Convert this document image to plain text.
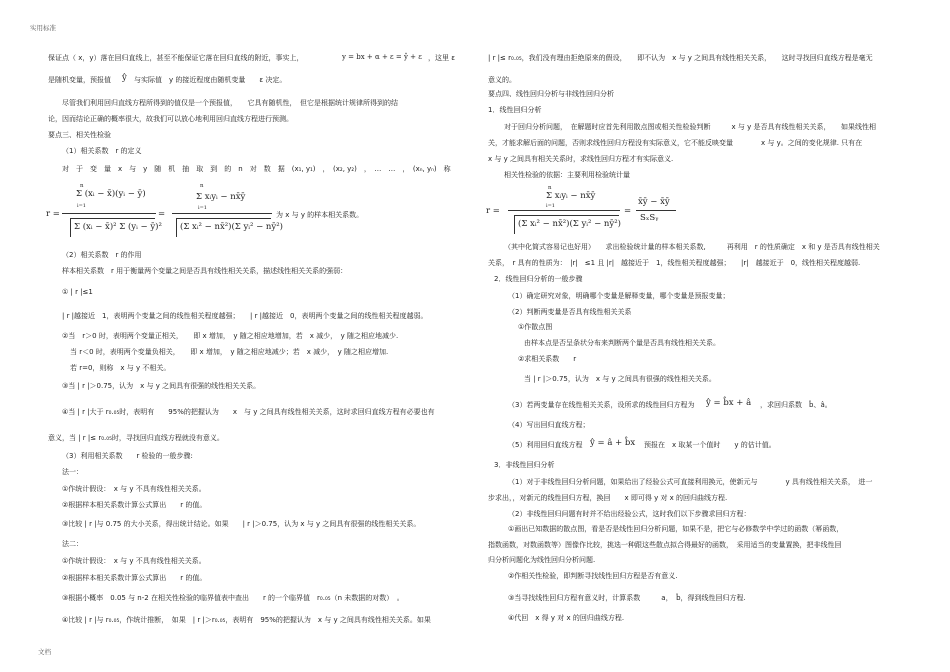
实用标准
文档
保证点（ x，y）落在回归直线上，甚至不能保证它落在回归直线的附近，事实上，	y = bx + α + ε = ŷ + ε ，这里 ε
是随机变量，预报值 ŷ 与实际值　y 的接近程度由随机变量　　ε 决定。
尽管我们利用回归直线方程所得到的值仅是一个预报值，　　它具有随机性，　但它是根据统计规律所得到的结
论，因而结论正确的概率很大，故我们可以放心地利用回归直线方程进行预测。
要点三、相关性检验
（1）相关系数　r 的定义
对　于　变　量　x　与　y　随　机　抽　取　到　的　n　对　数　据　(x₁, y₁)　，　(x₂, y₂)　，　…　…　，　(xₙ, yₙ)　称
r =
n
Σ (xᵢ − x̄)(yᵢ − ȳ)
i=1
Σ (xᵢ − x̄)² Σ (yᵢ − ȳ)²
=
n
Σ xᵢyᵢ − nx̄ȳ
i=1
(Σ xᵢ² − nx̄²)(Σ yᵢ² − nȳ²)
为 x 与 y 的样本相关系数。
（2）相关系数　r 的作用
样本相关系数　r 用于衡量两个变量之间是否具有线性相关关系，描述线性相关关系的强弱：
① | r |≤1
| r |越接近　1，表明两个变量之间的线性相关程度越强；　　| r |越接近　0，表明两个变量之间的线性相关程度越弱。
②当　r＞0 时，表明两个变量正相关，　　即 x 增加，　y 随之相应地增加，若　x 减少，　y 随之相应地减少.
当 r＜0 时，表明两个变量负相关，　　即 x 增加，　y 随之相应地减少；若　x 减少，　y 随之相应增加.
若 r=0，则称　x 与 y 不相关。
③当 | r |＞0.75，认为　x 与 y 之间具有很强的线性相关关系。
④当 | r |大于 r₀.₀₅时，表明有　　95%的把握认为　　x　与 y 之间具有线性相关关系，这时求回归直线方程有必要也有
意义，当 | r |≤ r₀.₀₅时，寻找回归直线方程就没有意义。
（3）利用相关系数　　r 检验的一般步骤:
法一：
①作统计假设：　x 与 y 不具有线性相关关系。
②根据样本相关系数计算公式算出　　r 的值。
③比较 | r |与 0.75 的大小关系，得出统计结论。如果　　| r |＞0.75，认为 x 与 y 之间具有很强的线性相关关系。
法二：
①作统计假设：　x 与 y 不具有线性相关关系。
②根据样本相关系数计算公式算出　　r 的值。
③根据小概率　0.05 与 n-2 在相关性检验的临界值表中查出　　r 的一个临界值　r₀.₀₅（n 未数据的对数）　。
④比较 | r |与 r₀.₀₅，作统计推断，　如果　| r |＞r₀.₀₅，表明有　95%的把握认为　x 与 y 之间具有线性相关关系。如果
| r |≤ r₀.₀₅，我们没有理由拒绝原来的假设，　　即不认为　x 与 y 之间具有线性相关关系，　　这时寻找回归直线方程是毫无
意义的。
要点四、线性回归分析与非线性回归分析
1．线性回归分析
对于回归分析问题，　在解题时应首先利用散点图或相关性检验判断　　　x 与 y 是否具有线性相关关系，　　如果线性相
关，才能求解后面的问题，否则求线性回归方程没有实际意义，它不能反映变量　　　　x 与 y。之间的变化规律. 只有在
x 与 y 之间具有相关关系时，求线性回归方程才有实际意义.
相关性检验的依据：主要利用检验统计量
r =
n
Σ xᵢyᵢ − nx̄ȳ
i=1
(Σ xᵢ² − nx̄²)(Σ yᵢ² − nȳ²)
=
x̄ȳ − x̄ȳ
SₓSᵧ
（其中化简式容易记也好用）　　求出检验统计量的样本相关系数,　　　再利用　r 的性质确定　x 和 y 是否具有线性相关
关系，　r 具有的性质为：　|r|　≤1 且 |r|　越接近于　1，线性相关程度越强；　　|r|　越接近于　0，线性相关程度越弱.
2．线性回归分析的一般步骤
（1）确定研究对象，明确哪个变量是解释变量，哪个变量是预报变量；
（2）判断两变量是否具有线性相关关系
①作散点图
由样本点是否呈条状分布来判断两个量是否具有线性相关关系。
②求相关系数　　r
当 | r |＞0.75，认为　x 与 y 之间具有很强的线性相关关系。
（3）若两变量存在线性相关关系，设所求的线性回归方程为 ŷ = b̂x + â ，求回归系数　b̂、â。
（4）写出回归直线方程；
（5）利用回归直线方程 ŷ = â + b̂x 预报在　x 取某一个值时　　y 的估计值。
3．非线性回归分析
（1）对于非线性回归分析问题，如果给出了经验公式可直接利用换元，使新元与　　　　y 具有线性相关关系，　进一
步求出，，对新元的线性回归方程，换回　　x 即可得 y 对 x 的回归曲线方程.
（2）非线性回归问题有时并不给出经验公式，这时我们以下步骤求回归方程：
①画出已知数据的散点图，看是否是线性回归分析问题，如果不是，把它与必修数学中学过的函数（幂函数，
指数函数，对数函数等）图像作比较，挑选一种跟这些散点拟合得最好的函数，　采用适当的变量置换，把非线性回
归分析问题化为线性回归分析问题.
②作相关性检验，即判断寻找线性回归方程是否有意义.
③当寻找线性回归方程有意义时，计算系数　　　a，　b̂，得到线性回归方程.
④代回　x 得 y 对 x 的回归曲线方程.
